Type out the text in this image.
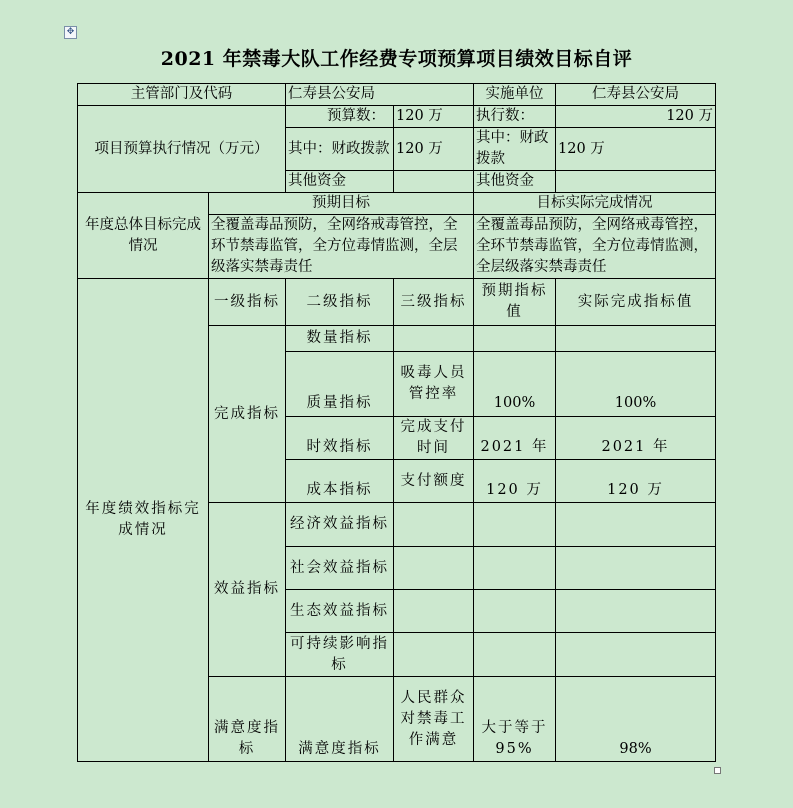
✥
2021 年禁毒大队工作经费专项预算项目绩效目标自评
主管部门及代码		仁寿县公安局		实施单位	仁寿县公安局
项目预算执行情况（万元）		预算数：	120 万	执行数：	120 万
		其中：财政拨款	120 万	其中：财政拨款	120 万
		其他资金		其他资金	
年度总体目标完成情况	预期目标			目标实际完成情况	
	全覆盖毒品预防，全网络戒毒管控，全环节禁毒监管，全方位毒情监测，全层级落实禁毒责任			全覆盖毒品预防，全网络戒毒管控，全环节禁毒监管，全方位毒情监测，全层级落实禁毒责任	
年度绩效指标完成情况	一级指标	二级指标	三级指标	预期指标值	实际完成指标值
	完成指标	数量指标			
		质量指标	吸毒人员管控率	100%	100%
		时效指标	完成支付时间	2021 年	2021 年
		成本指标	支付额度	120 万	120 万
	效益指标	经济效益指标			
		社会效益指标			
		生态效益指标			
		可持续影响指标			
	满意度指标	满意度指标	人民群众对禁毒工作满意	大于等于 95%	98%
